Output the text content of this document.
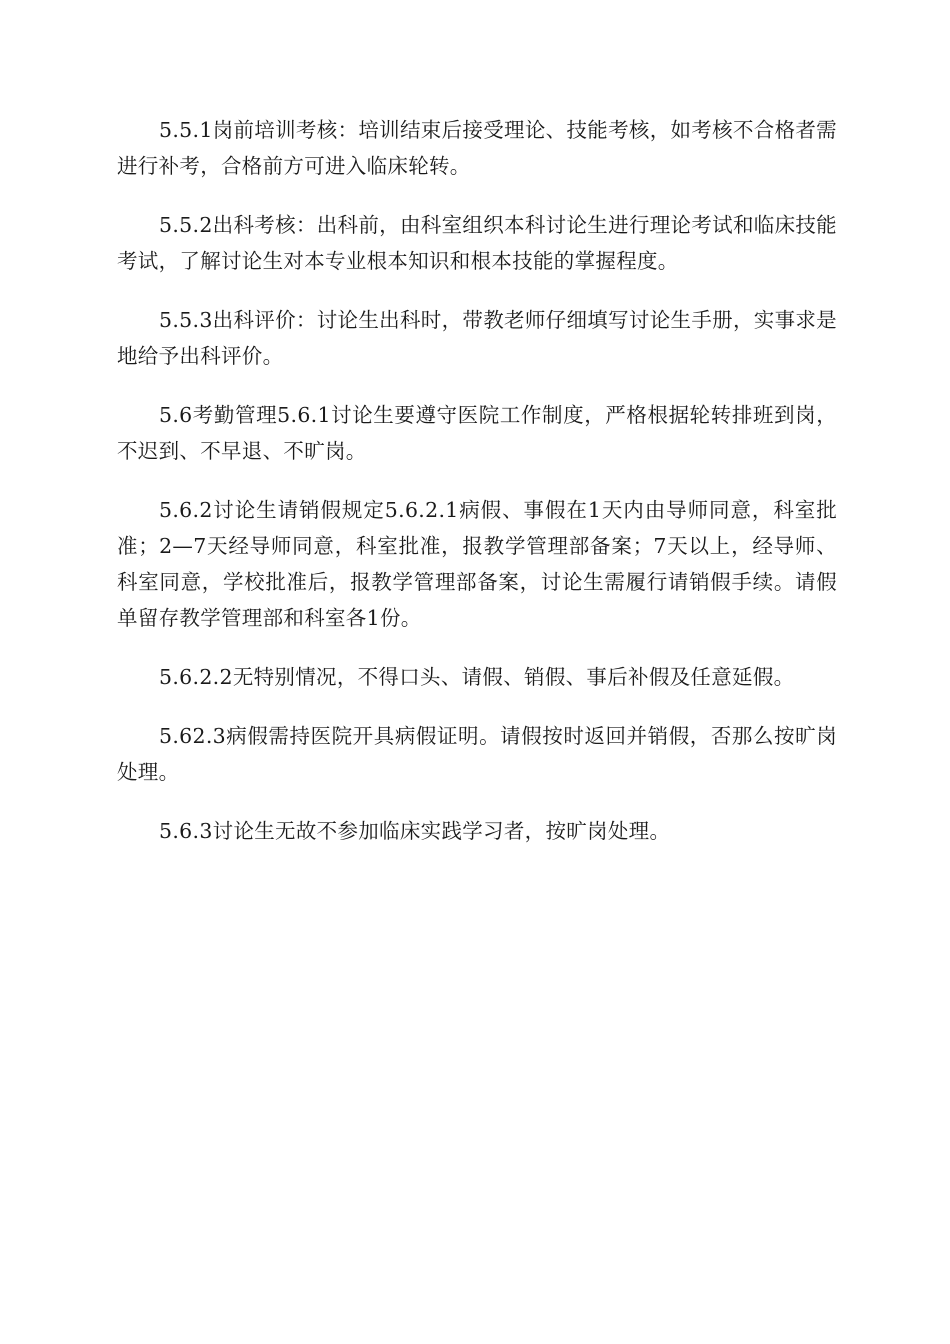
5.5.1岗前培训考核：培训结束后接受理论、技能考核，如考核不合格者需进行补考，合格前方可进入临床轮转。

5.5.2出科考核：出科前，由科室组织本科讨论生进行理论考试和临床技能考试，了解讨论生对本专业根本知识和根本技能的掌握程度。

5.5.3出科评价：讨论生出科时，带教老师仔细填写讨论生手册，实事求是地给予出科评价。

5.6考勤管理5.6.1讨论生要遵守医院工作制度，严格根据轮转排班到岗，不迟到、不早退、不旷岗。

5.6.2讨论生请销假规定5.6.2.1病假、事假在1天内由导师同意，科室批准；2—7天经导师同意，科室批准，报教学管理部备案；7天以上，经导师、科室同意，学校批准后，报教学管理部备案，讨论生需履行请销假手续。请假单留存教学管理部和科室各1份。

5.6.2.2无特别情况，不得口头、请假、销假、事后补假及任意延假。

5.62.3病假需持医院开具病假证明。请假按时返回并销假，否那么按旷岗处理。

5.6.3讨论生无故不参加临床实践学习者，按旷岗处理。
